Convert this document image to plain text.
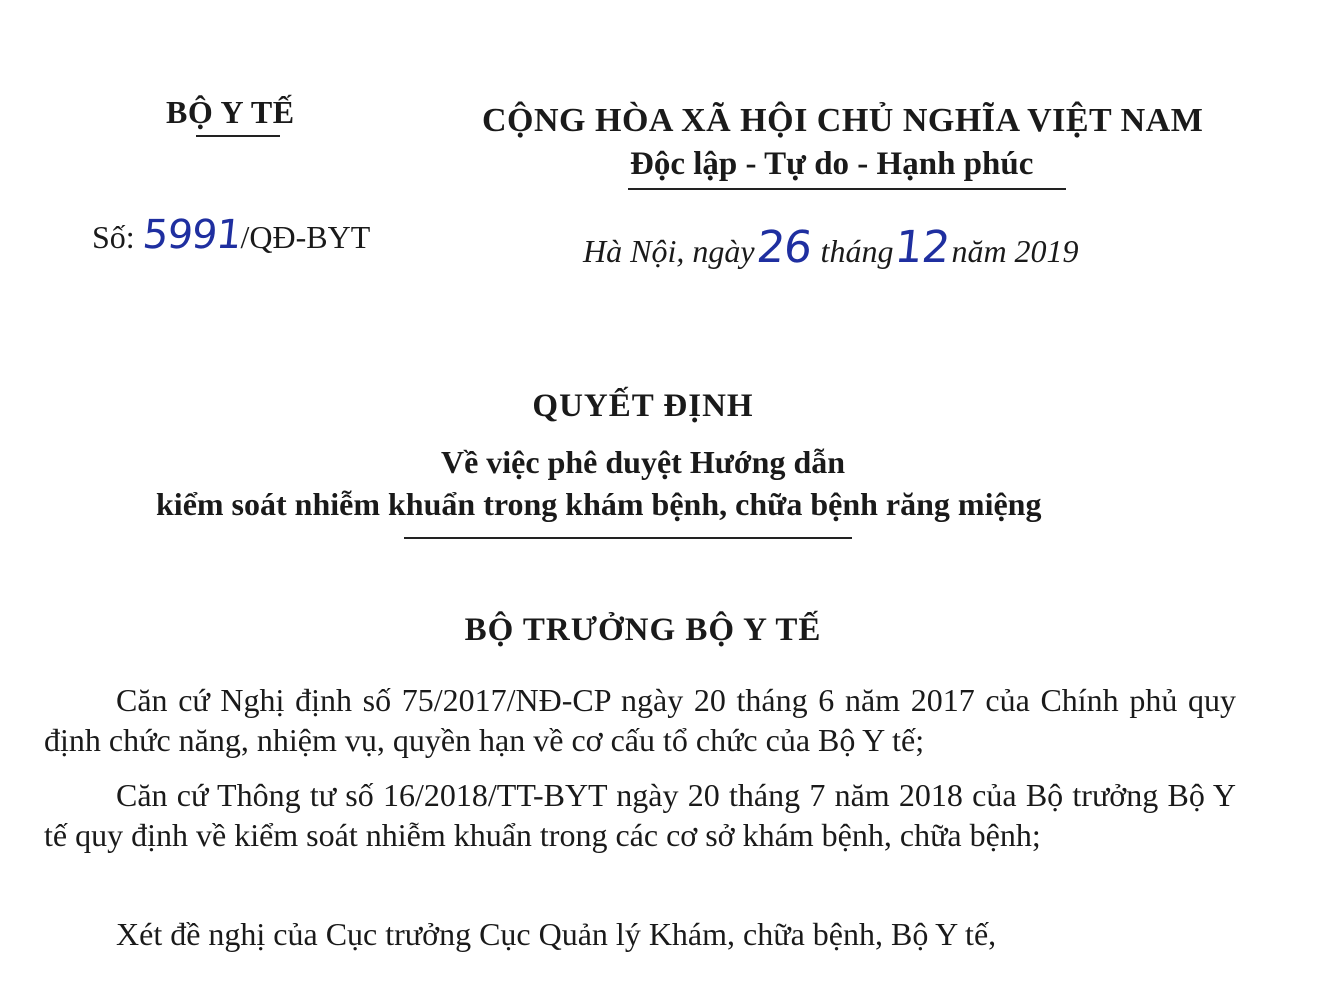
BỘ Y TẾ	CỘNG HÒA XÃ HỘI CHỦ NGHĨA VIỆT NAM
Độc lập - Tự do - Hạnh phúc
Số: 5991/QĐ-BYT	Hà Nội, ngày26 tháng12năm 2019
QUYẾT ĐỊNH
Về việc phê duyệt Hướng dẫn
kiểm soát nhiễm khuẩn trong khám bệnh, chữa bệnh răng miệng
BỘ TRƯỞNG BỘ Y TẾ
Căn cứ Nghị định số 75/2017/NĐ-CP ngày 20 tháng 6 năm 2017 của Chính phủ quy định chức năng, nhiệm vụ, quyền hạn về cơ cấu tổ chức của Bộ Y tế;
Căn cứ Thông tư số 16/2018/TT-BYT ngày 20 tháng 7 năm 2018 của Bộ trưởng Bộ Y tế quy định về kiểm soát nhiễm khuẩn trong các cơ sở khám bệnh, chữa bệnh;
Xét đề nghị của Cục trưởng Cục Quản lý Khám, chữa bệnh, Bộ Y tế,
